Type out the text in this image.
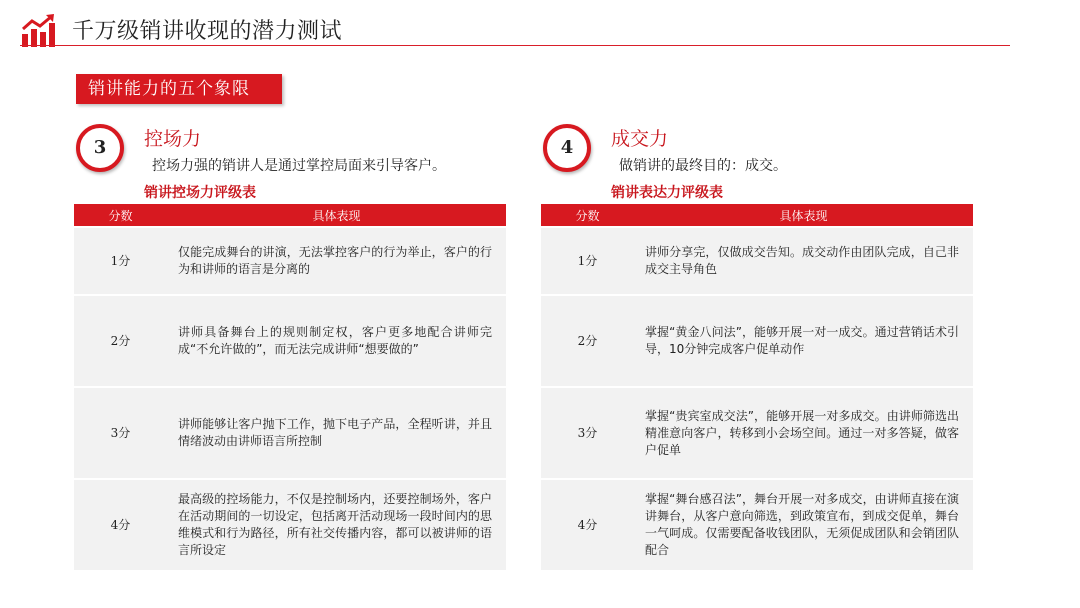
千万级销讲收现的潜力测试
销讲能力的五个象限
3	控场力
控场力强的销讲人是通过掌控局面来引导客户。
销讲控场力评级表
分数	具体表现
1分	仅能完成舞台的讲演，无法掌控客户的行为举止，客户的行为和讲师的语言是分离的
2分	讲师具备舞台上的规则制定权，客户更多地配合讲师完成“不允许做的”，而无法完成讲师“想要做的”
3分	讲师能够让客户抛下工作，抛下电子产品，全程听讲，并且情绪波动由讲师语言所控制
4分	最高级的控场能力，不仅是控制场内，还要控制场外，客户在活动期间的一切设定，包括离开活动现场一段时间内的思维模式和行为路径，所有社交传播内容，都可以被讲师的语言所设定
4	成交力
做销讲的最终目的：成交。
销讲表达力评级表
分数	具体表现
1分	讲师分享完，仅做成交告知。成交动作由团队完成，自己非成交主导角色
2分	掌握“黄金八问法”，能够开展一对一成交。通过营销话术引导，10分钟完成客户促单动作
3分	掌握“贵宾室成交法”，能够开展一对多成交。由讲师筛选出精准意向客户，转移到小会场空间。通过一对多答疑，做客户促单
4分	掌握“舞台感召法”，舞台开展一对多成交，由讲师直接在演讲舞台，从客户意向筛选，到政策宣布，到成交促单，舞台一气呵成。仅需要配备收钱团队，无须促成团队和会销团队配合
